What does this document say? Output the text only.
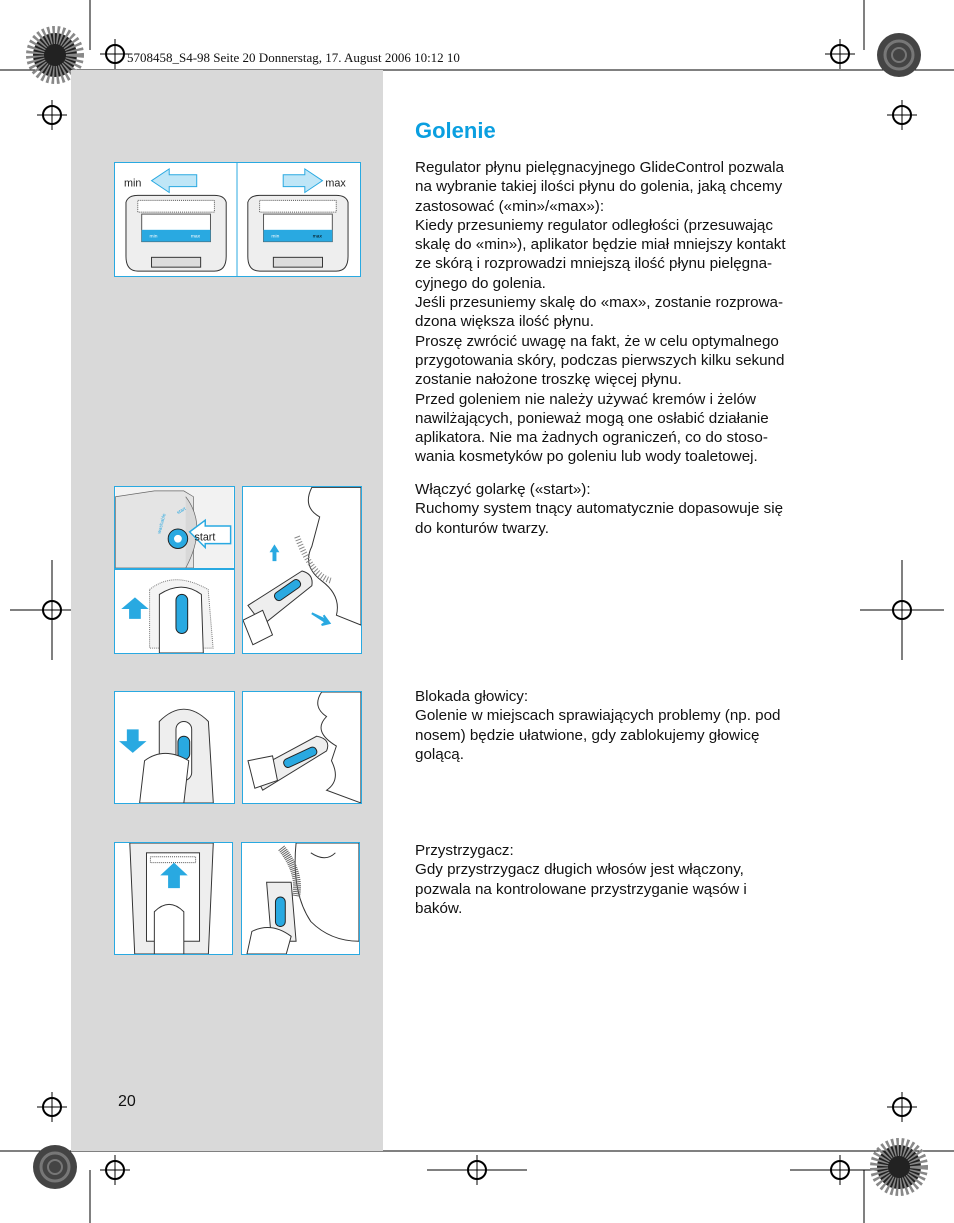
5708458_S4-98 Seite 20 Donnerstag, 17. August 2006 10:12 10
Golenie

Regulator płynu pielęgnacyjnego GlideControl pozwala
na wybranie takiej ilości płynu do golenia, jaką chcemy
zastosować («min»/«max»):
Kiedy przesuniemy regulator odległości (przesuwając
skalę do «min»), aplikator będzie miał mniejszy kontakt
ze skórą i rozprowadzi mniejszą ilość płynu pielęgna-
cyjnego do golenia.
Jeśli przesuniemy skalę do «max», zostanie rozprowa-
dzona większa ilość płynu.
Proszę zwrócić uwagę na fakt, że w celu optymalnego
przygotowania skóry, podczas pierwszych kilku sekund
zostanie nałożone troszkę więcej płynu.
Przed goleniem nie należy używać kremów i żelów
nawilżających, ponieważ mogą one osłabić działanie
aplikatora. Nie ma żadnych ograniczeń, co do stoso-
wania kosmetyków po goleniu lub wody toaletowej.

Włączyć golarkę («start»):
Ruchomy system tnący automatycznie dopasowuje się
do konturów twarzy.

Blokada głowicy:
Golenie w miejscach sprawiających problemy (np. pod
nosem) będzie ułatwione, gdy zablokujemy głowicę
golącą.

Przystrzygacz:
Gdy przystrzygacz długich włosów jest włączony,
pozwala na kontrolowane przystrzyganie wąsów i
baków.

min	max
min	max	min	max
washable
start
start
20
